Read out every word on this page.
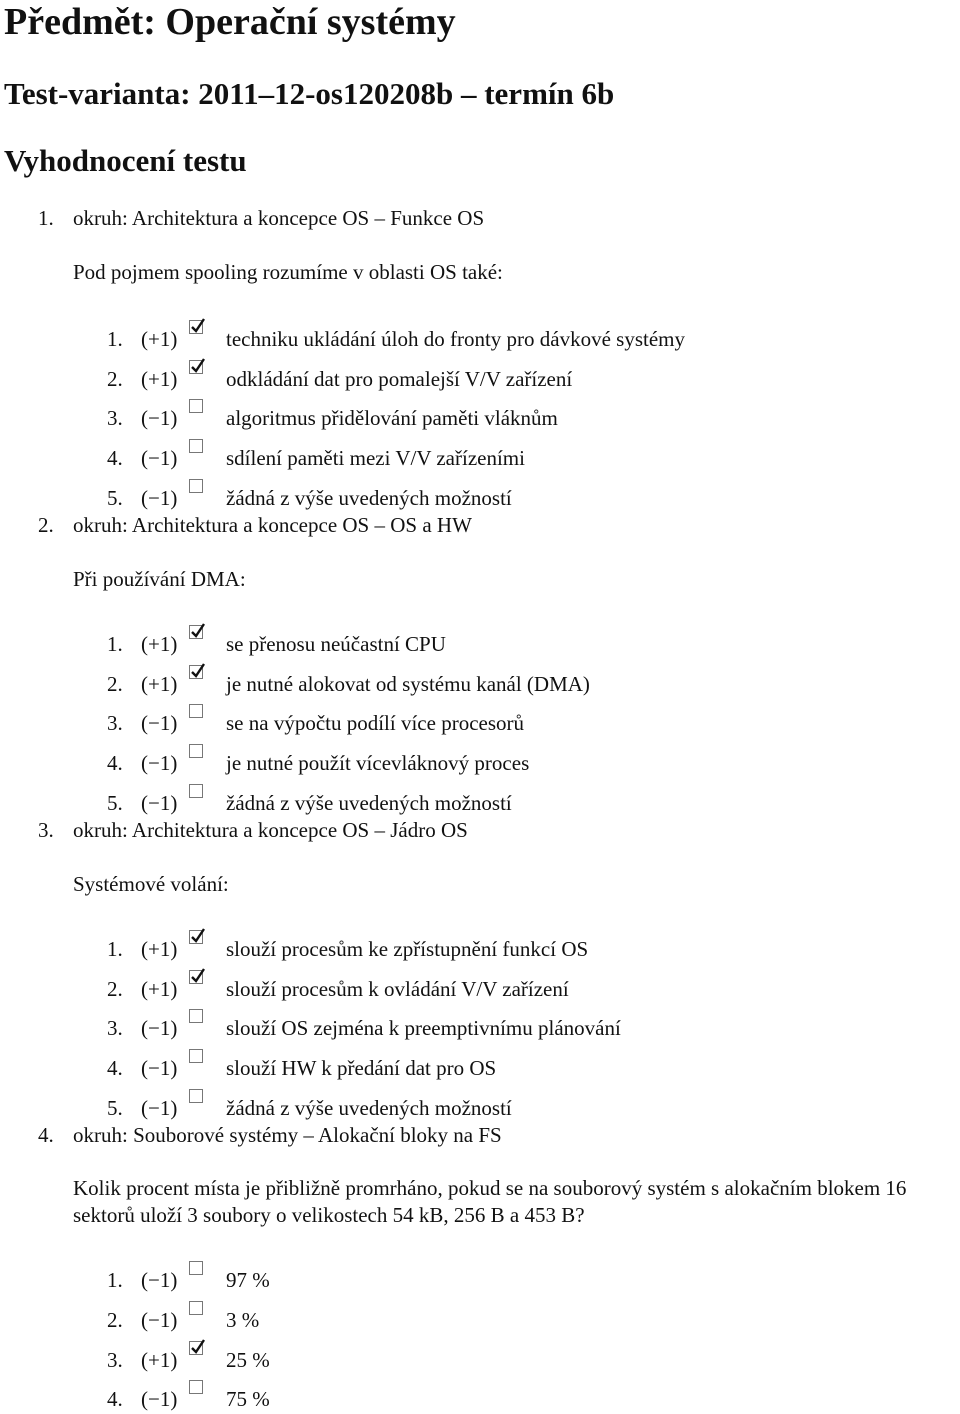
Předmět: Operační systémy
Test-varianta: 2011–12-os120208b – termín 6b
Vyhodnocení testu
1. okruh: Architektura a koncepce OS – Funkce OS
Pod pojmem spooling rozumíme v oblasti OS také:
1. (+1) techniku ukládání úloh do fronty pro dávkové systémy
2. (+1) odkládání dat pro pomalejší V/V zařízení
3. (−1) algoritmus přidělování paměti vláknům
4. (−1) sdílení paměti mezi V/V zařízeními
5. (−1) žádná z výše uvedených možností
2. okruh: Architektura a koncepce OS – OS a HW
Při používání DMA:
1. (+1) se přenosu neúčastní CPU
2. (+1) je nutné alokovat od systému kanál (DMA)
3. (−1) se na výpočtu podílí více procesorů
4. (−1) je nutné použít vícevláknový proces
5. (−1) žádná z výše uvedených možností
3. okruh: Architektura a koncepce OS – Jádro OS
Systémové volání:
1. (+1) slouží procesům ke zpřístupnění funkcí OS
2. (+1) slouží procesům k ovládání V/V zařízení
3. (−1) slouží OS zejména k preemptivnímu plánování
4. (−1) slouží HW k předání dat pro OS
5. (−1) žádná z výše uvedených možností
4. okruh: Souborové systémy – Alokační bloky na FS
Kolik procent místa je přibližně promrháno, pokud se na souborový systém s alokačním blokem 16 sektorů uloží 3 soubory o velikostech 54 kB, 256 B a 453 B?
1. (−1) 97 %
2. (−1) 3 %
3. (+1) 25 %
4. (−1) 75 %
